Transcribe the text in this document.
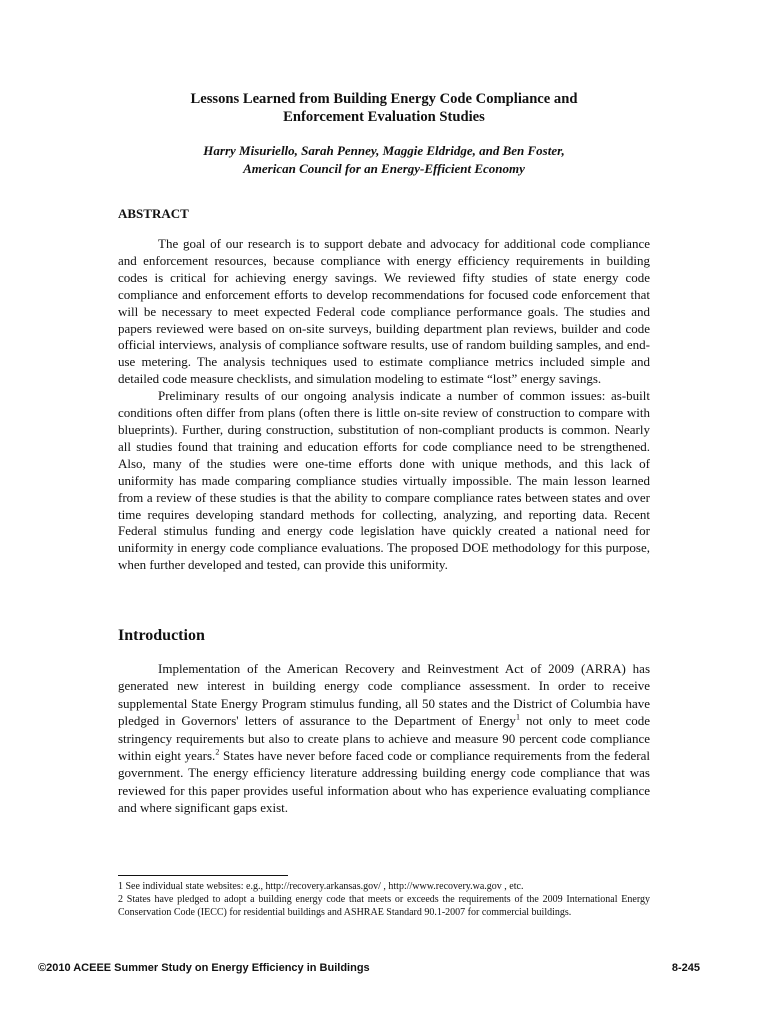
Lessons Learned from Building Energy Code Compliance and
Enforcement Evaluation Studies
Harry Misuriello, Sarah Penney, Maggie Eldridge, and Ben Foster,
American Council for an Energy-Efficient Economy
ABSTRACT

The goal of our research is to support debate and advocacy for additional code compliance and enforcement resources, because compliance with energy efficiency requirements in building codes is critical for achieving energy savings. We reviewed fifty studies of state energy code compliance and enforcement efforts to develop recommendations for focused code enforcement that will be necessary to meet expected Federal code compliance performance goals. The studies and papers reviewed were based on on-site surveys, building department plan reviews, builder and code official interviews, analysis of compliance software results, use of random building samples, and end-use metering. The analysis techniques used to estimate compliance metrics included simple and detailed code measure checklists, and simulation modeling to estimate “lost” energy savings.

Preliminary results of our ongoing analysis indicate a number of common issues: as-built conditions often differ from plans (often there is little on-site review of construction to compare with blueprints). Further, during construction, substitution of non-compliant products is common. Nearly all studies found that training and education efforts for code compliance need to be strengthened. Also, many of the studies were one-time efforts done with unique methods, and this lack of uniformity has made comparing compliance studies virtually impossible. The main lesson learned from a review of these studies is that the ability to compare compliance rates between states and over time requires developing standard methods for collecting, analyzing, and reporting data. Recent Federal stimulus funding and energy code legislation have quickly created a national need for uniformity in energy code compliance evaluations. The proposed DOE methodology for this purpose, when further developed and tested, can provide this uniformity.

Introduction

Implementation of the American Recovery and Reinvestment Act of 2009 (ARRA) has generated new interest in building energy code compliance assessment. In order to receive supplemental State Energy Program stimulus funding, all 50 states and the District of Columbia have pledged in Governors' letters of assurance to the Department of Energy$^1$ not only to meet code stringency requirements but also to create plans to achieve and measure 90 percent code compliance within eight years.$^2$ States have never before faced code or compliance requirements from the federal government. The energy efficiency literature addressing building energy code compliance that was reviewed for this paper provides useful information about who has experience evaluating compliance and where significant gaps exist.

1 See individual state websites: e.g., http://recovery.arkansas.gov/ , http://www.recovery.wa.gov , etc.

2 States have pledged to adopt a building energy code that meets or exceeds the requirements of the 2009 International Energy Conservation Code (IECC) for residential buildings and ASHRAE Standard 90.1-2007 for commercial buildings.

©2010 ACEEE Summer Study on Energy Efficiency in Buildings	8-245
